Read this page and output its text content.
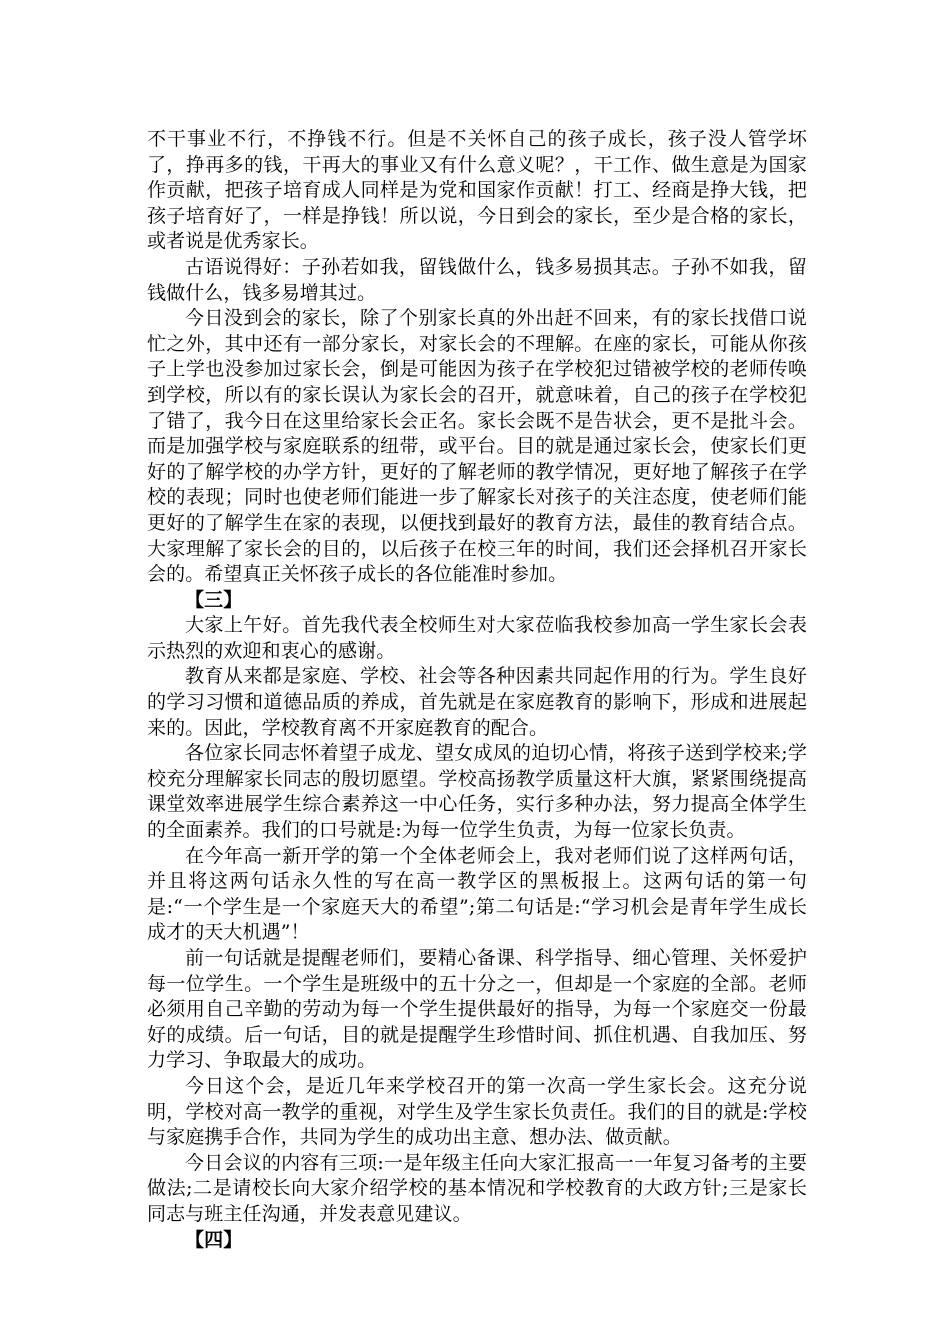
不干事业不行，不挣钱不行。但是不关怀自己的孩子成长，孩子没人管学坏了，挣再多的钱，干再大的事业又有什么意义呢？，干工作、做生意是为国家作贡献，把孩子培育成人同样是为党和国家作贡献！打工、经商是挣大钱，把孩子培育好了，一样是挣钱！所以说，今日到会的家长，至少是合格的家长，或者说是优秀家长。

古语说得好：子孙若如我，留钱做什么，钱多易损其志。子孙不如我，留钱做什么，钱多易增其过。

今日没到会的家长，除了个别家长真的外出赶不回来，有的家长找借口说忙之外，其中还有一部分家长，对家长会的不理解。在座的家长，可能从你孩子上学也没参加过家长会，倒是可能因为孩子在学校犯过错被学校的老师传唤到学校，所以有的家长误认为家长会的召开，就意味着，自己的孩子在学校犯了错了，我今日在这里给家长会正名。家长会既不是告状会，更不是批斗会。而是加强学校与家庭联系的纽带，或平台。目的就是通过家长会，使家长们更好的了解学校的办学方针，更好的了解老师的教学情况，更好地了解孩子在学校的表现；同时也使老师们能进一步了解家长对孩子的关注态度，使老师们能更好的了解学生在家的表现，以便找到最好的教育方法，最佳的教育结合点。大家理解了家长会的目的，以后孩子在校三年的时间，我们还会择机召开家长会的。希望真正关怀孩子成长的各位能准时参加。

【三】

大家上午好。首先我代表全校师生对大家莅临我校参加高一学生家长会表示热烈的欢迎和衷心的感谢。

教育从来都是家庭、学校、社会等各种因素共同起作用的行为。学生良好的学习习惯和道德品质的养成，首先就是在家庭教育的影响下，形成和进展起来的。因此，学校教育离不开家庭教育的配合。

各位家长同志怀着望子成龙、望女成凤的迫切心情，将孩子送到学校来;学校充分理解家长同志的殷切愿望。学校高扬教学质量这杆大旗，紧紧围绕提高课堂效率进展学生综合素养这一中心任务，实行多种办法，努力提高全体学生的全面素养。我们的口号就是:为每一位学生负责，为每一位家长负责。

在今年高一新开学的第一个全体老师会上，我对老师们说了这样两句话，并且将这两句话永久性的写在高一教学区的黑板报上。这两句话的第一句是:“一个学生是一个家庭天大的希望”;第二句话是:“学习机会是青年学生成长成才的天大机遇”！

前一句话就是提醒老师们，要精心备课、科学指导、细心管理、关怀爱护每一位学生。一个学生是班级中的五十分之一，但却是一个家庭的全部。老师必须用自己辛勤的劳动为每一个学生提供最好的指导，为每一个家庭交一份最好的成绩。后一句话，目的就是提醒学生珍惜时间、抓住机遇、自我加压、努力学习、争取最大的成功。

今日这个会，是近几年来学校召开的第一次高一学生家长会。这充分说明，学校对高一教学的重视，对学生及学生家长负责任。我们的目的就是:学校与家庭携手合作，共同为学生的成功出主意、想办法、做贡献。

今日会议的内容有三项:一是年级主任向大家汇报高一一年复习备考的主要做法;二是请校长向大家介绍学校的基本情况和学校教育的大政方针;三是家长同志与班主任沟通，并发表意见建议。

【四】
